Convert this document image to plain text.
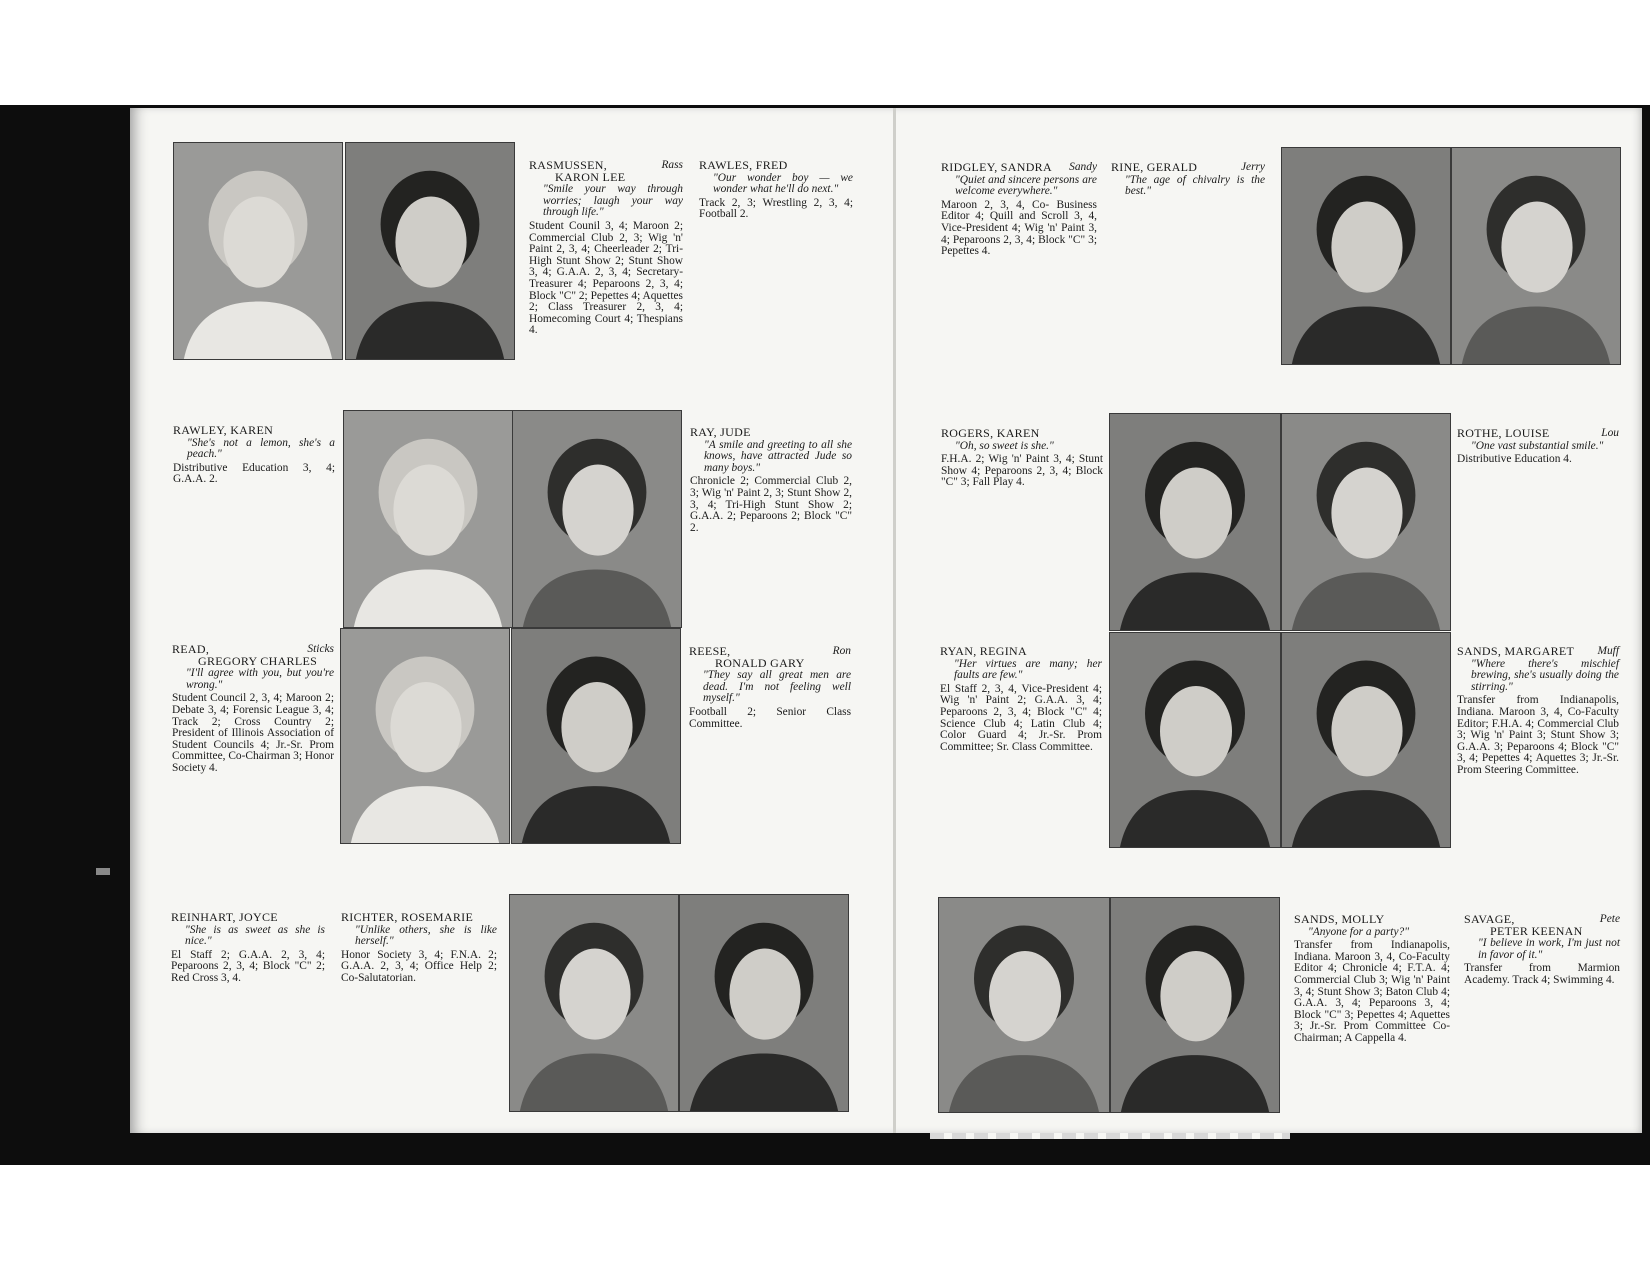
RASMUSSEN,	Rass
KARON LEE
"Smile your way through worries; laugh your way through life."
Student Counil 3, 4; Maroon 2; Commercial Club 2, 3; Wig 'n' Paint 2, 3, 4; Cheerleader 2; Tri-High Stunt Show 2; Stunt Show 3, 4; G.A.A. 2, 3, 4; Secretary-Treasurer 4; Peparoons 2, 3, 4; Block "C" 2; Pepettes 4; Aquettes 2; Class Treasurer 2, 3, 4; Homecoming Court 4; Thespians 4.
RAWLES, FRED
"Our wonder boy — we wonder what he'll do next."
Track 2, 3; Wrestling 2, 3, 4; Football 2.
RAWLEY, KAREN
"She's not a lemon, she's a peach."
Distributive Education 3, 4; G.A.A. 2.
RAY, JUDE
"A smile and greeting to all she knows, have attracted Jude so many boys."
Chronicle 2; Commercial Club 2, 3; Wig 'n' Paint 2, 3; Stunt Show 2, 3, 4; Tri-High Stunt Show 2; G.A.A. 2; Peparoons 2; Block "C" 2.
READ,	Sticks
GREGORY CHARLES
"I'll agree with you, but you're wrong."
Student Council 2, 3, 4; Maroon 2; Debate 3, 4; Forensic League 3, 4; Track 2; Cross Country 2; President of Illinois Association of Student Councils 4; Jr.-Sr. Prom Committee, Co-Chairman 3; Honor Society 4.
REESE,	Ron
RONALD GARY
"They say all great men are dead. I'm not feeling well myself."
Football 2; Senior Class Committee.
REINHART, JOYCE
"She is as sweet as she is nice."
El Staff 2; G.A.A. 2, 3, 4; Peparoons 2, 3, 4; Block "C" 2; Red Cross 3, 4.
RICHTER, ROSEMARIE
"Unlike others, she is like herself."
Honor Society 3, 4; F.N.A. 2; G.A.A. 2, 3, 4; Office Help 2; Co-Salutatorian.
RIDGLEY, SANDRA Sandy
"Quiet and sincere persons are welcome everywhere."
Maroon 2, 3, 4, Co- Business Editor 4; Quill and Scroll 3, 4, Vice-President 4; Wig 'n' Paint 3, 4; Peparoons 2, 3, 4; Block "C" 3; Pepettes 4.
RINE, GERALD	Jerry
"The age of chivalry is the best."
ROGERS, KAREN
"Oh, so sweet is she."
F.H.A. 2; Wig 'n' Paint 3, 4; Stunt Show 4; Peparoons 2, 3, 4; Block "C" 3; Fall Play 4.
ROTHE, LOUISE	Lou
"One vast substantial smile."
Distributive Education 4.
RYAN, REGINA
"Her virtues are many; her faults are few."
El Staff 2, 3, 4, Vice-President 4; Wig 'n' Paint 2; G.A.A. 3, 4; Peparoons 2, 3, 4; Block "C" 4; Science Club 4; Latin Club 4; Color Guard 4; Jr.-Sr. Prom Committee; Sr. Class Committee.
SANDS, MARGARET Muff
"Where there's mischief brewing, she's usually doing the stirring."
Transfer from Indianapolis, Indiana. Maroon 3, 4, Co-Faculty Editor; F.H.A. 4; Commercial Club 3; Wig 'n' Paint 3; Stunt Show 3; G.A.A. 3; Peparoons 4; Block "C" 3, 4; Pepettes 4; Aquettes 3; Jr.-Sr. Prom Steering Committee.
SANDS, MOLLY
"Anyone for a party?"
Transfer from Indianapolis, Indiana. Maroon 3, 4, Co-Faculty Editor 4; Chronicle 4; F.T.A. 4; Commercial Club 3; Wig 'n' Paint 3, 4; Stunt Show 3; Baton Club 4; G.A.A. 3, 4; Peparoons 3, 4; Block "C" 3; Pepettes 4; Aquettes 3; Jr.-Sr. Prom Committee Co-Chairman; A Cappella 4.
SAVAGE,	Pete
PETER KEENAN
"I believe in work, I'm just not in favor of it."
Transfer from Marmion Academy. Track 4; Swimming 4.
